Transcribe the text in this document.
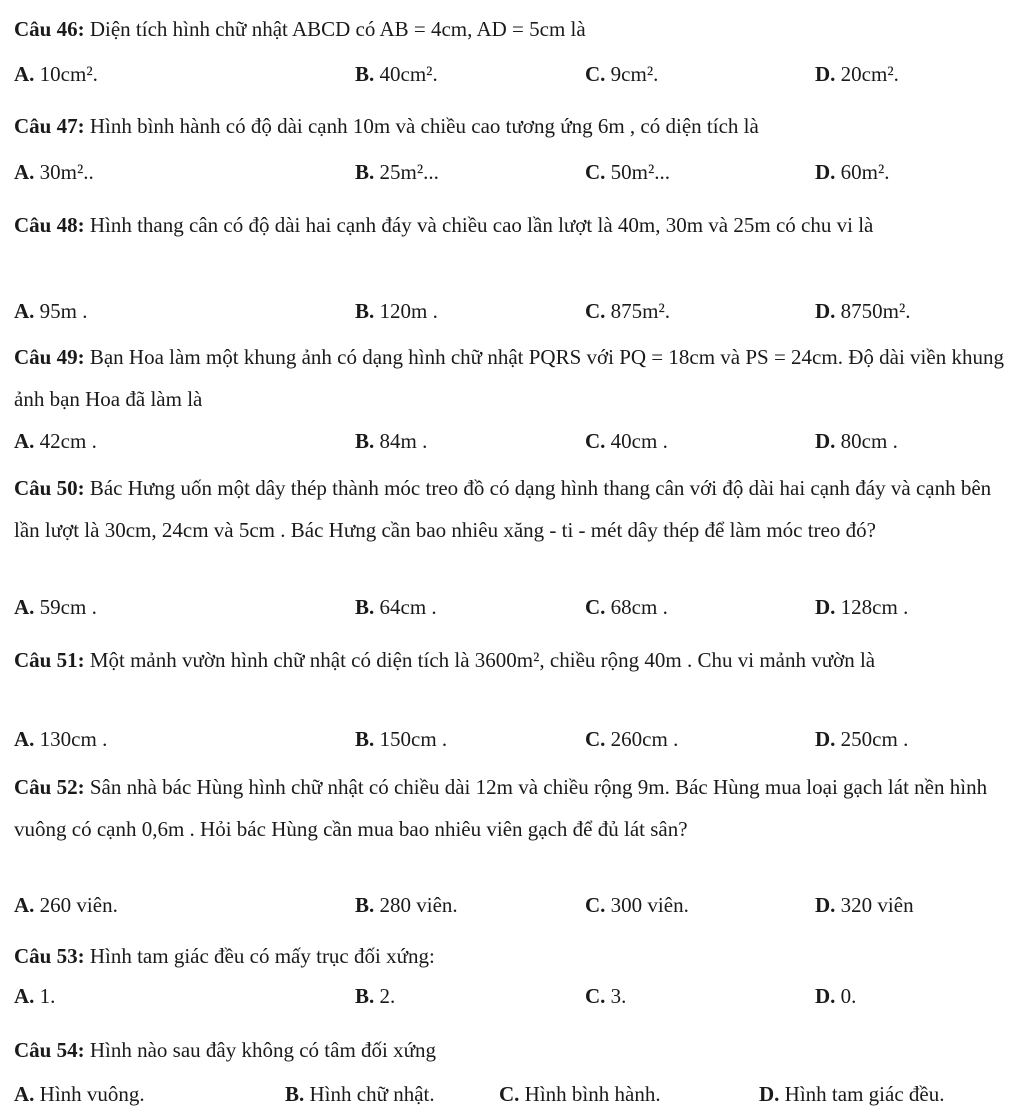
Câu 46: Diện tích hình chữ nhật ABCD có AB = 4cm, AD = 5cm là
A. 10cm².	B. 40cm².	C. 9cm².	D. 20cm².
Câu 47: Hình bình hành có độ dài cạnh 10m và chiều cao tương ứng 6m , có diện tích là
A. 30m²..	B. 25m²...	C. 50m²...	D. 60m².
Câu 48: Hình thang cân có độ dài hai cạnh đáy và chiều cao lần lượt là 40m, 30m và 25m có chu vi là
A. 95m .	B. 120m .	C. 875m².	D. 8750m².
Câu 49: Bạn Hoa làm một khung ảnh có dạng hình chữ nhật PQRS với PQ = 18cm và PS = 24cm. Độ dài viền khung ảnh bạn Hoa đã làm là
A. 42cm .	B. 84m .	C. 40cm .	D. 80cm .
Câu 50: Bác Hưng uốn một dây thép thành móc treo đồ có dạng hình thang cân với độ dài hai cạnh đáy và cạnh bên lần lượt là 30cm, 24cm và 5cm . Bác Hưng cần bao nhiêu xăng - ti - mét dây thép để làm móc treo đó?
A. 59cm .	B. 64cm .	C. 68cm .	D. 128cm .
Câu 51: Một mảnh vườn hình chữ nhật có diện tích là 3600m², chiều rộng 40m . Chu vi mảnh vườn là
A. 130cm .	B. 150cm .	C. 260cm .	D. 250cm .
Câu 52: Sân nhà bác Hùng hình chữ nhật có chiều dài 12m và chiều rộng 9m. Bác Hùng mua loại gạch lát nền hình vuông có cạnh 0,6m . Hỏi bác Hùng cần mua bao nhiêu viên gạch để đủ lát sân?
A. 260 viên.	B. 280 viên.	C. 300 viên.	D. 320 viên
Câu 53: Hình tam giác đều có mấy trục đối xứng:
A. 1.	B. 2.	C. 3.	D. 0.
Câu 54: Hình nào sau đây không có tâm đối xứng
A. Hình vuông.	B. Hình chữ nhật.	C. Hình bình hành.	D. Hình tam giác đều.
